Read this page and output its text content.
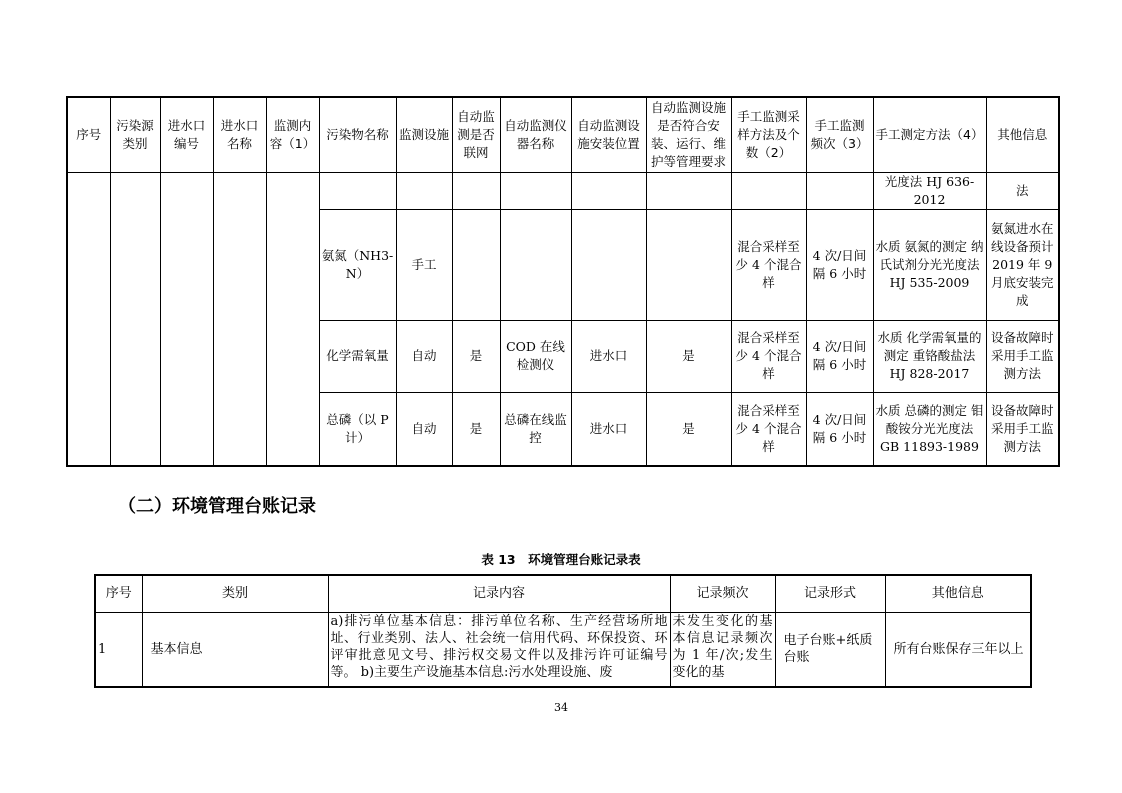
序号	污染源类别	进水口编号	进水口名称	监测内容（1）	污染物名称	监测设施	自动监测是否联网	自动监测仪器名称	自动监测设施安装位置	自动监测设施是否符合安装、运行、维护等管理要求	手工监测采样方法及个数（2）	手工监测频次（3）	手工测定方法（4）	其他信息
													光度法 HJ 636-2012	法
					氨氮（NH3-N）	手工					混合采样至少 4 个混合样	4 次/日间隔 6 小时	水质 氨氮的测定 纳氏试剂分光光度法 HJ 535-2009	氨氮进水在线设备预计 2019 年 9 月底安装完成
					化学需氧量	自动	是	COD 在线检测仪	进水口	是	混合采样至少 4 个混合样	4 次/日间隔 6 小时	水质 化学需氧量的测定 重铬酸盐法 HJ 828-2017	设备故障时采用手工监测方法
					总磷（以 P 计）	自动	是	总磷在线监控	进水口	是	混合采样至少 4 个混合样	4 次/日间隔 6 小时	水质 总磷的测定 钼酸铵分光光度法 GB 11893-1989	设备故障时采用手工监测方法
（二）环境管理台账记录
表 13　环境管理台账记录表
序号	类别	记录内容	记录频次	记录形式	其他信息
1	基本信息	a)排污单位基本信息：排污单位名称、生产经营场所地址、行业类别、法人、社会统一信用代码、环保投资、环评审批意见文号、排污权交易文件以及排污许可证编号等。 b)主要生产设施基本信息:污水处理设施、废	未发生变化的基本信息记录频次为 1 年/次;发生变化的基	电子台账+纸质台账	所有台账保存三年以上
34
